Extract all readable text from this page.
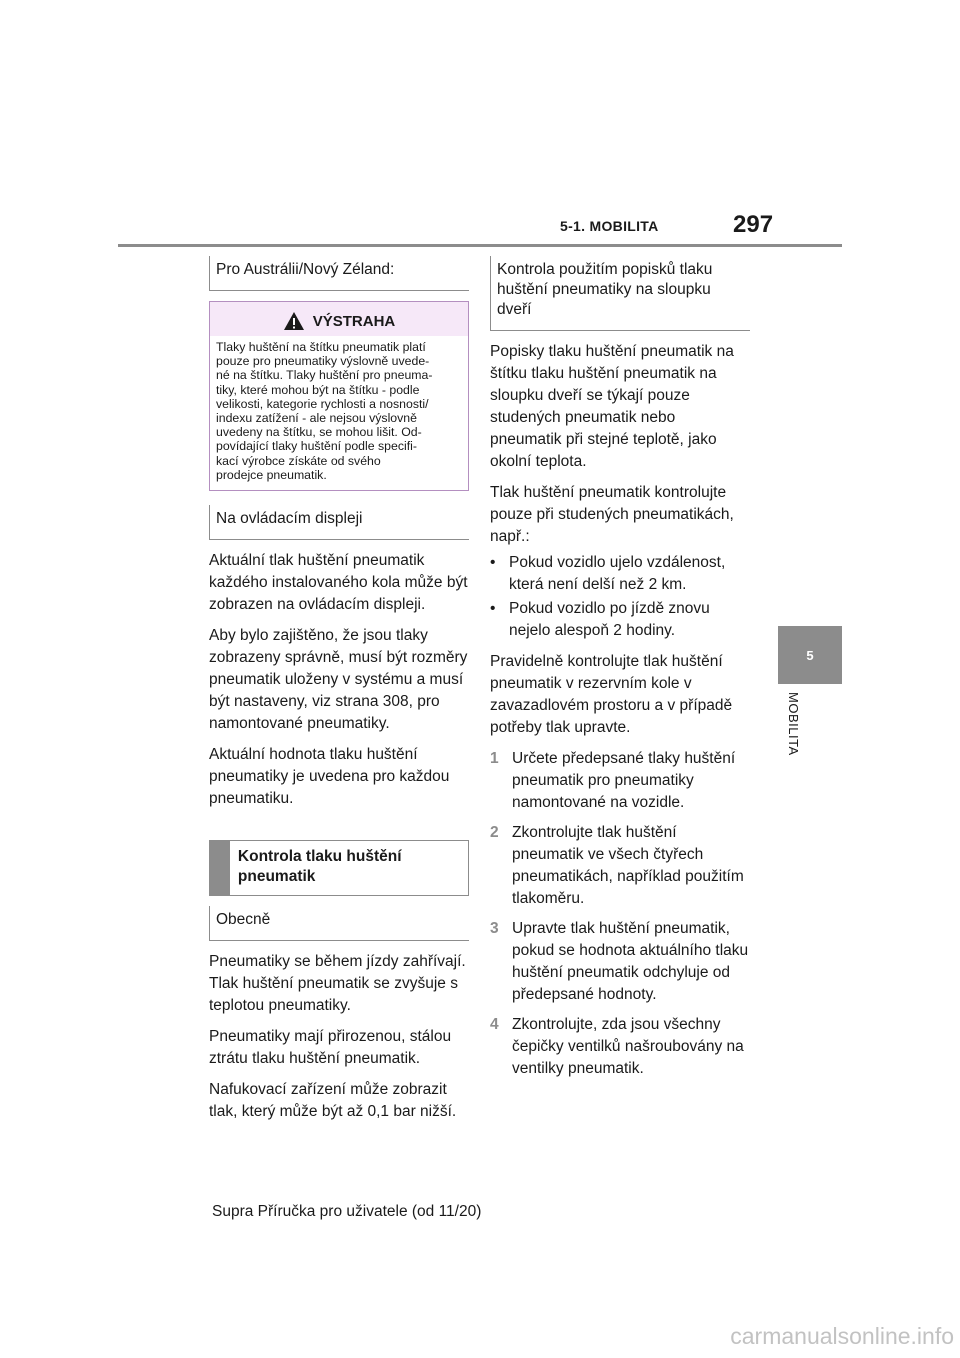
5-1. MOBILITA	297
5
MOBILITA
Pro Austrálii/Nový Zéland:
VÝSTRAHA
Tlaky huštění na štítku pneumatik platí
pouze pro pneumatiky výslovně uvede-
né na štítku. Tlaky huštění pro pneuma-
tiky, které mohou být na štítku - podle
velikosti, kategorie rychlosti a nosnosti/
indexu zatížení - ale nejsou výslovně
uvedeny na štítku, se mohou lišit. Od-
povídající tlaky huštění podle specifi-
kací výrobce získáte od svého
prodejce pneumatik.
Na ovládacím displeji

Aktuální tlak huštění pneumatik každého instalovaného kola může být zobrazen na ovládacím displeji.

Aby bylo zajištěno, že jsou tlaky zobrazeny správně, musí být rozměry pneumatik uloženy v systému a musí být nastaveny, viz strana 308, pro namontované pneumatiky.

Aktuální hodnota tlaku huštění pneumatiky je uvedena pro každou pneumatiku.

Kontrola tlaku huštění pneumatik
Obecně

Pneumatiky se během jízdy zahřívají. Tlak huštění pneumatik se zvyšuje s teplotou pneumatiky.

Pneumatiky mají přirozenou, stálou ztrátu tlaku huštění pneumatik.

Nafukovací zařízení může zobrazit tlak, který může být až 0,1 bar nižší.

Kontrola použitím popisků tlaku huštění pneumatiky na sloupku dveří

Popisky tlaku huštění pneumatik na štítku tlaku huštění pneumatik na sloupku dveří se týkají pouze studených pneumatik nebo pneumatik při stejné teplotě, jako okolní teplota.

Tlak huštění pneumatik kontrolujte pouze při studených pneumatikách, např.:

• Pokud vozidlo ujelo vzdálenost, která není delší než 2 km.
• Pokud vozidlo po jízdě znovu nejelo alespoň 2 hodiny.

Pravidelně kontrolujte tlak huštění pneumatik v rezervním kole v zavazadlovém prostoru a v případě potřeby tlak upravte.

1 Určete předepsané tlaky huštění pneumatik pro pneumatiky namontované na vozidle.
2 Zkontrolujte tlak huštění pneumatik ve všech čtyřech pneumatikách, například použitím tlakoměru.
3 Upravte tlak huštění pneumatik, pokud se hodnota aktuálního tlaku huštění pneumatik odchyluje od předepsané hodnoty.
4 Zkontrolujte, zda jsou všechny čepičky ventilků našroubovány na ventilky pneumatik.
Supra Příručka pro uživatele (od 11/20)
carmanualsonline.info
